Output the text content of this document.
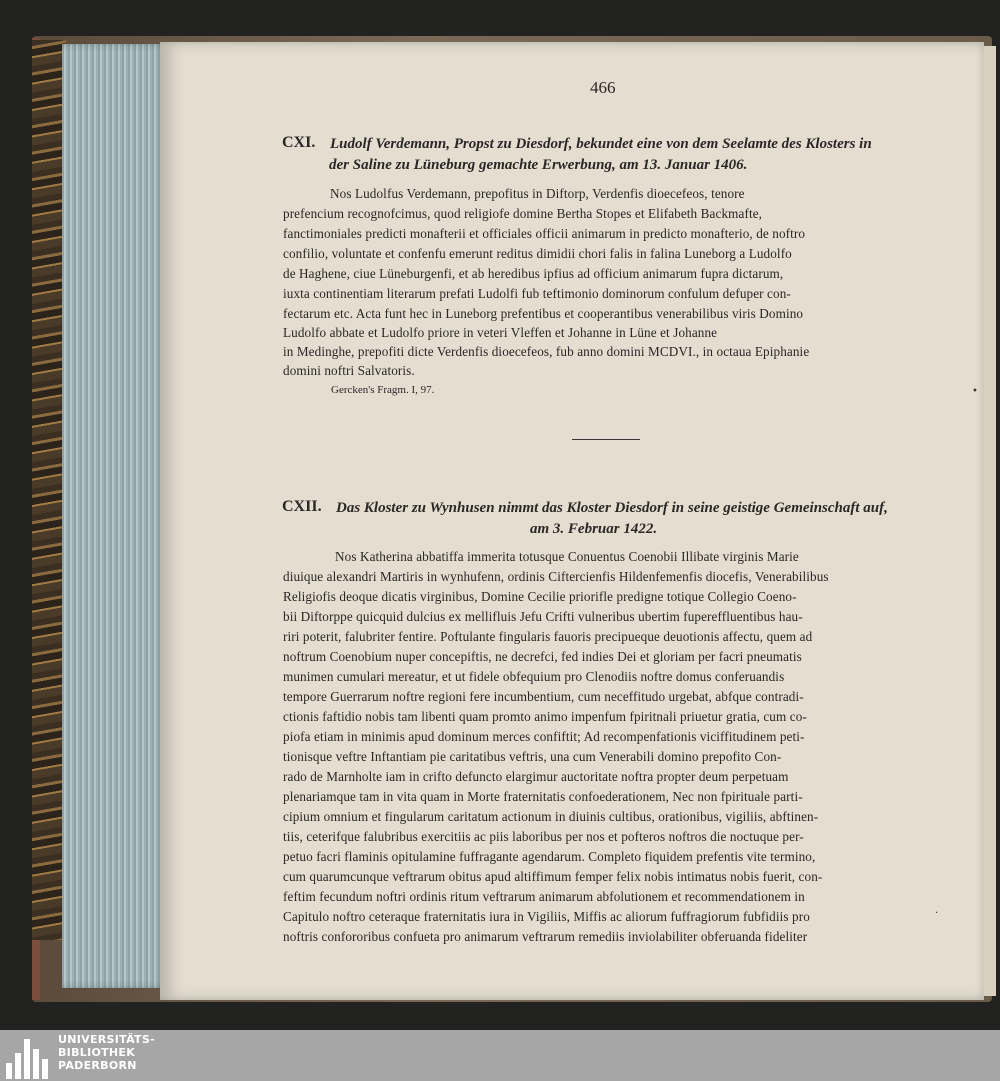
466
CXI. Ludolf Verdemann, Propst zu Diesdorf, bekundet eine von dem Seelamte des Klosters in
der Saline zu Lüneburg gemachte Erwerbung, am 13. Januar 1406.
Nos Ludolfus Verdemann, prepofitus in Diftorp, Verdenfis dioecefeos, tenore
prefencium recognofcimus, quod religiofe domine Bertha Stopes et Elifabeth Backmafte,
fanctimoniales predicti monafterii et officiales officii animarum in predicto monafterio, de noftro
confilio, voluntate et confenfu emerunt reditus dimidii chori falis in falina Luneborg a Ludolfo
de Haghene, ciue Lüneburgenfi, et ab heredibus ipfius ad officium animarum fupra dictarum,
iuxta continentiam literarum prefati Ludolfi fub teftimonio dominorum confulum defuper con-
fectarum etc. Acta funt hec in Luneborg prefentibus et cooperantibus venerabilibus viris Domino
Ludolfo abbate et Ludolfo priore in veteri Vleffen et Johanne in Lüne et Johanne
in Medinghe, prepofiti dicte Verdenfis dioecefeos, fub anno domini MCDVI., in octaua Epiphanie
domini noftri Salvatoris.
Gercken's Fragm. I, 97.
CXII. Das Kloster zu Wynhusen nimmt das Kloster Diesdorf in seine geistige Gemeinschaft auf,
am 3. Februar 1422.
Nos Katherina abbatiffa immerita totusque Conuentus Coenobii Illibate virginis Marie
diuique alexandri Martiris in wynhufenn, ordinis Ciftercienfis Hildenfemenfis diocefis, Venerabilibus
Religiofis deoque dicatis virginibus, Domine Cecilie priorifle predigne totique Collegio Coeno-
bii Diftorppe quicquid dulcius ex mellifluis Jefu Crifti vulneribus ubertim fupereffluentibus hau-
riri poterit, falubriter fentire. Poftulante fingularis fauoris precipueque deuotionis affectu, quem ad
noftrum Coenobium nuper concepiftis, ne decrefci, fed indies Dei et gloriam per facri pneumatis
munimen cumulari mereatur, et ut fidele obfequium pro Clenodiis noftre domus conferuandis
tempore Guerrarum noftre regioni fere incumbentium, cum neceffitudo urgebat, abfque contradi-
ctionis faftidio nobis tam libenti quam promto animo impenfum fpiritnali priuetur gratia, cum co-
piofa etiam in minimis apud dominum merces confiftit; Ad recompenfationis viciffitudinem peti-
tionisque veftre Inftantiam pie caritatibus veftris, una cum Venerabili domino prepofito Con-
rado de Marnholte iam in crifto defuncto elargimur auctoritate noftra propter deum perpetuam
plenariamque tam in vita quam in Morte fraternitatis confoederationem, Nec non fpirituale parti-
cipium omnium et fingularum caritatum actionum in diuinis cultibus, orationibus, vigiliis, abftinen-
tiis, ceterifque falubribus exercitiis ac piis laboribus per nos et pofteros noftros die noctuque per-
petuo facri flaminis opitulamine fuffragante agendarum. Completo fiquidem prefentis vite termino,
cum quarumcunque veftrarum obitus apud altiffimum femper felix nobis intimatus nobis fuerit, con-
feftim fecundum noftri ordinis ritum veftrarum animarum abfolutionem et recommendationem in
Capitulo noftro ceteraque fraternitatis iura in Vigiliis, Miffis ac aliorum fuffragiorum fubfidiis pro
noftris confororibus confueta pro animarum veftrarum remediis inviolabiliter obferuanda fideliter
•
·
UNIVERSITÄTS-
BIBLIOTHEK
PADERBORN
